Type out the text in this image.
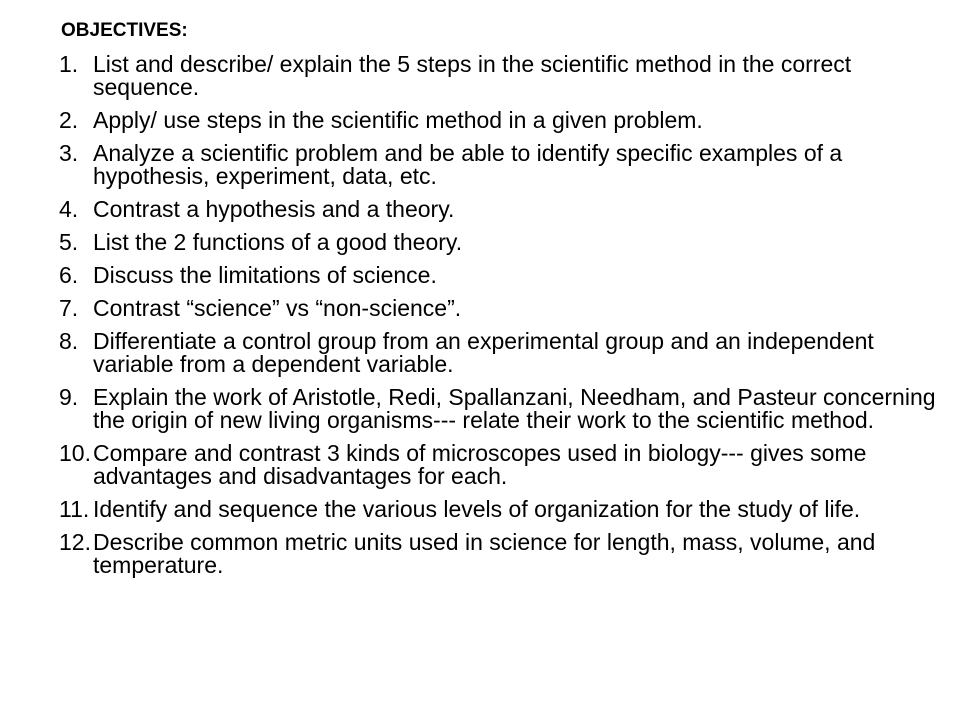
OBJECTIVES:
1. List and describe/ explain the 5 steps in the scientific method in the correct sequence.
2. Apply/ use steps in the scientific method in a given problem.
3. Analyze a scientific problem and be able to identify specific examples of a hypothesis, experiment, data, etc.
4. Contrast a hypothesis and a theory.
5. List the 2 functions of a good theory.
6. Discuss the limitations of science.
7. Contrast “science” vs “non-science”.
8. Differentiate a control group from an experimental group and an independent variable from a dependent variable.
9. Explain the work of Aristotle, Redi, Spallanzani, Needham, and Pasteur concerning the origin of new living organisms--- relate their work to the scientific method.
10. Compare and contrast 3 kinds of microscopes used in biology--- gives some advantages and disadvantages for each.
11. Identify and sequence the various levels of organization for the study of life.
12. Describe common metric units used in science for length, mass, volume, and temperature.
